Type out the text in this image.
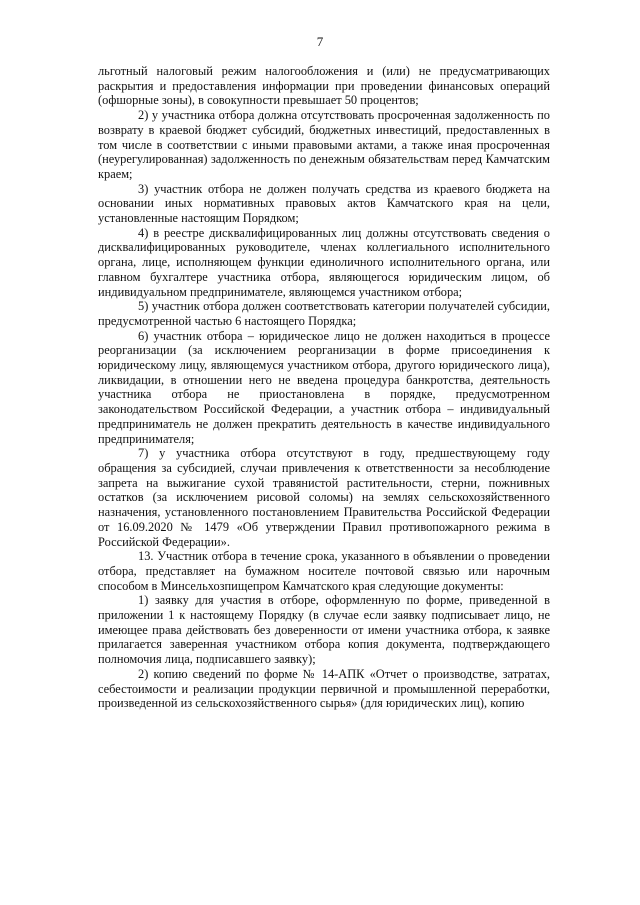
7

льготный налоговый режим налогообложения и (или) не предусматривающих раскрытия и предоставления информации при проведении финансовых операций (офшорные зоны), в совокупности превышает 50 процентов;

2) у участника отбора должна отсутствовать просроченная задолженность по возврату в краевой бюджет субсидий, бюджетных инвестиций, предоставленных в том числе в соответствии с иными правовыми актами, а также иная просроченная (неурегулированная) задолженность по денежным обязательствам перед Камчатским краем;

3) участник отбора не должен получать средства из краевого бюджета на основании иных нормативных правовых актов Камчатского края на цели, установленные настоящим Порядком;

4) в реестре дисквалифицированных лиц должны отсутствовать сведения о дисквалифицированных руководителе, членах коллегиального исполнительного органа, лице, исполняющем функции единоличного исполнительного органа, или главном бухгалтере участника отбора, являющегося юридическим лицом, об индивидуальном предпринимателе, являющемся участником отбора;

5) участник отбора должен соответствовать категории получателей субсидии, предусмотренной частью 6 настоящего Порядка;

6) участник отбора – юридическое лицо не должен находиться в процессе реорганизации (за исключением реорганизации в форме присоединения к юридическому лицу, являющемуся участником отбора, другого юридического лица), ликвидации, в отношении него не введена процедура банкротства, деятельность участника отбора не приостановлена в порядке, предусмотренном законодательством Российской Федерации, а участник отбора – индивидуальный предприниматель не должен прекратить деятельность в качестве индивидуального предпринимателя;

7) у участника отбора отсутствуют в году, предшествующему году обращения за субсидией, случаи привлечения к ответственности за несоблюдение запрета на выжигание сухой травянистой растительности, стерни, пожнивных остатков (за исключением рисовой соломы) на землях сельскохозяйственного назначения, установленного постановлением Правительства Российской Федерации от 16.09.2020 № 1479 «Об утверждении Правил противопожарного режима в Российской Федерации».

13. Участник отбора в течение срока, указанного в объявлении о проведении отбора, представляет на бумажном носителе почтовой связью или нарочным способом в Минсельхозпищепром Камчатского края следующие документы:

1) заявку для участия в отборе, оформленную по форме, приведенной в приложении 1 к настоящему Порядку (в случае если заявку подписывает лицо, не имеющее права действовать без доверенности от имени участника отбора, к заявке прилагается заверенная участником отбора копия документа, подтверждающего полномочия лица, подписавшего заявку);

2) копию сведений по форме № 14-АПК «Отчет о производстве, затратах, себестоимости и реализации продукции первичной и промышленной переработки, произведенной из сельскохозяйственного сырья» (для юридических лиц), копию
